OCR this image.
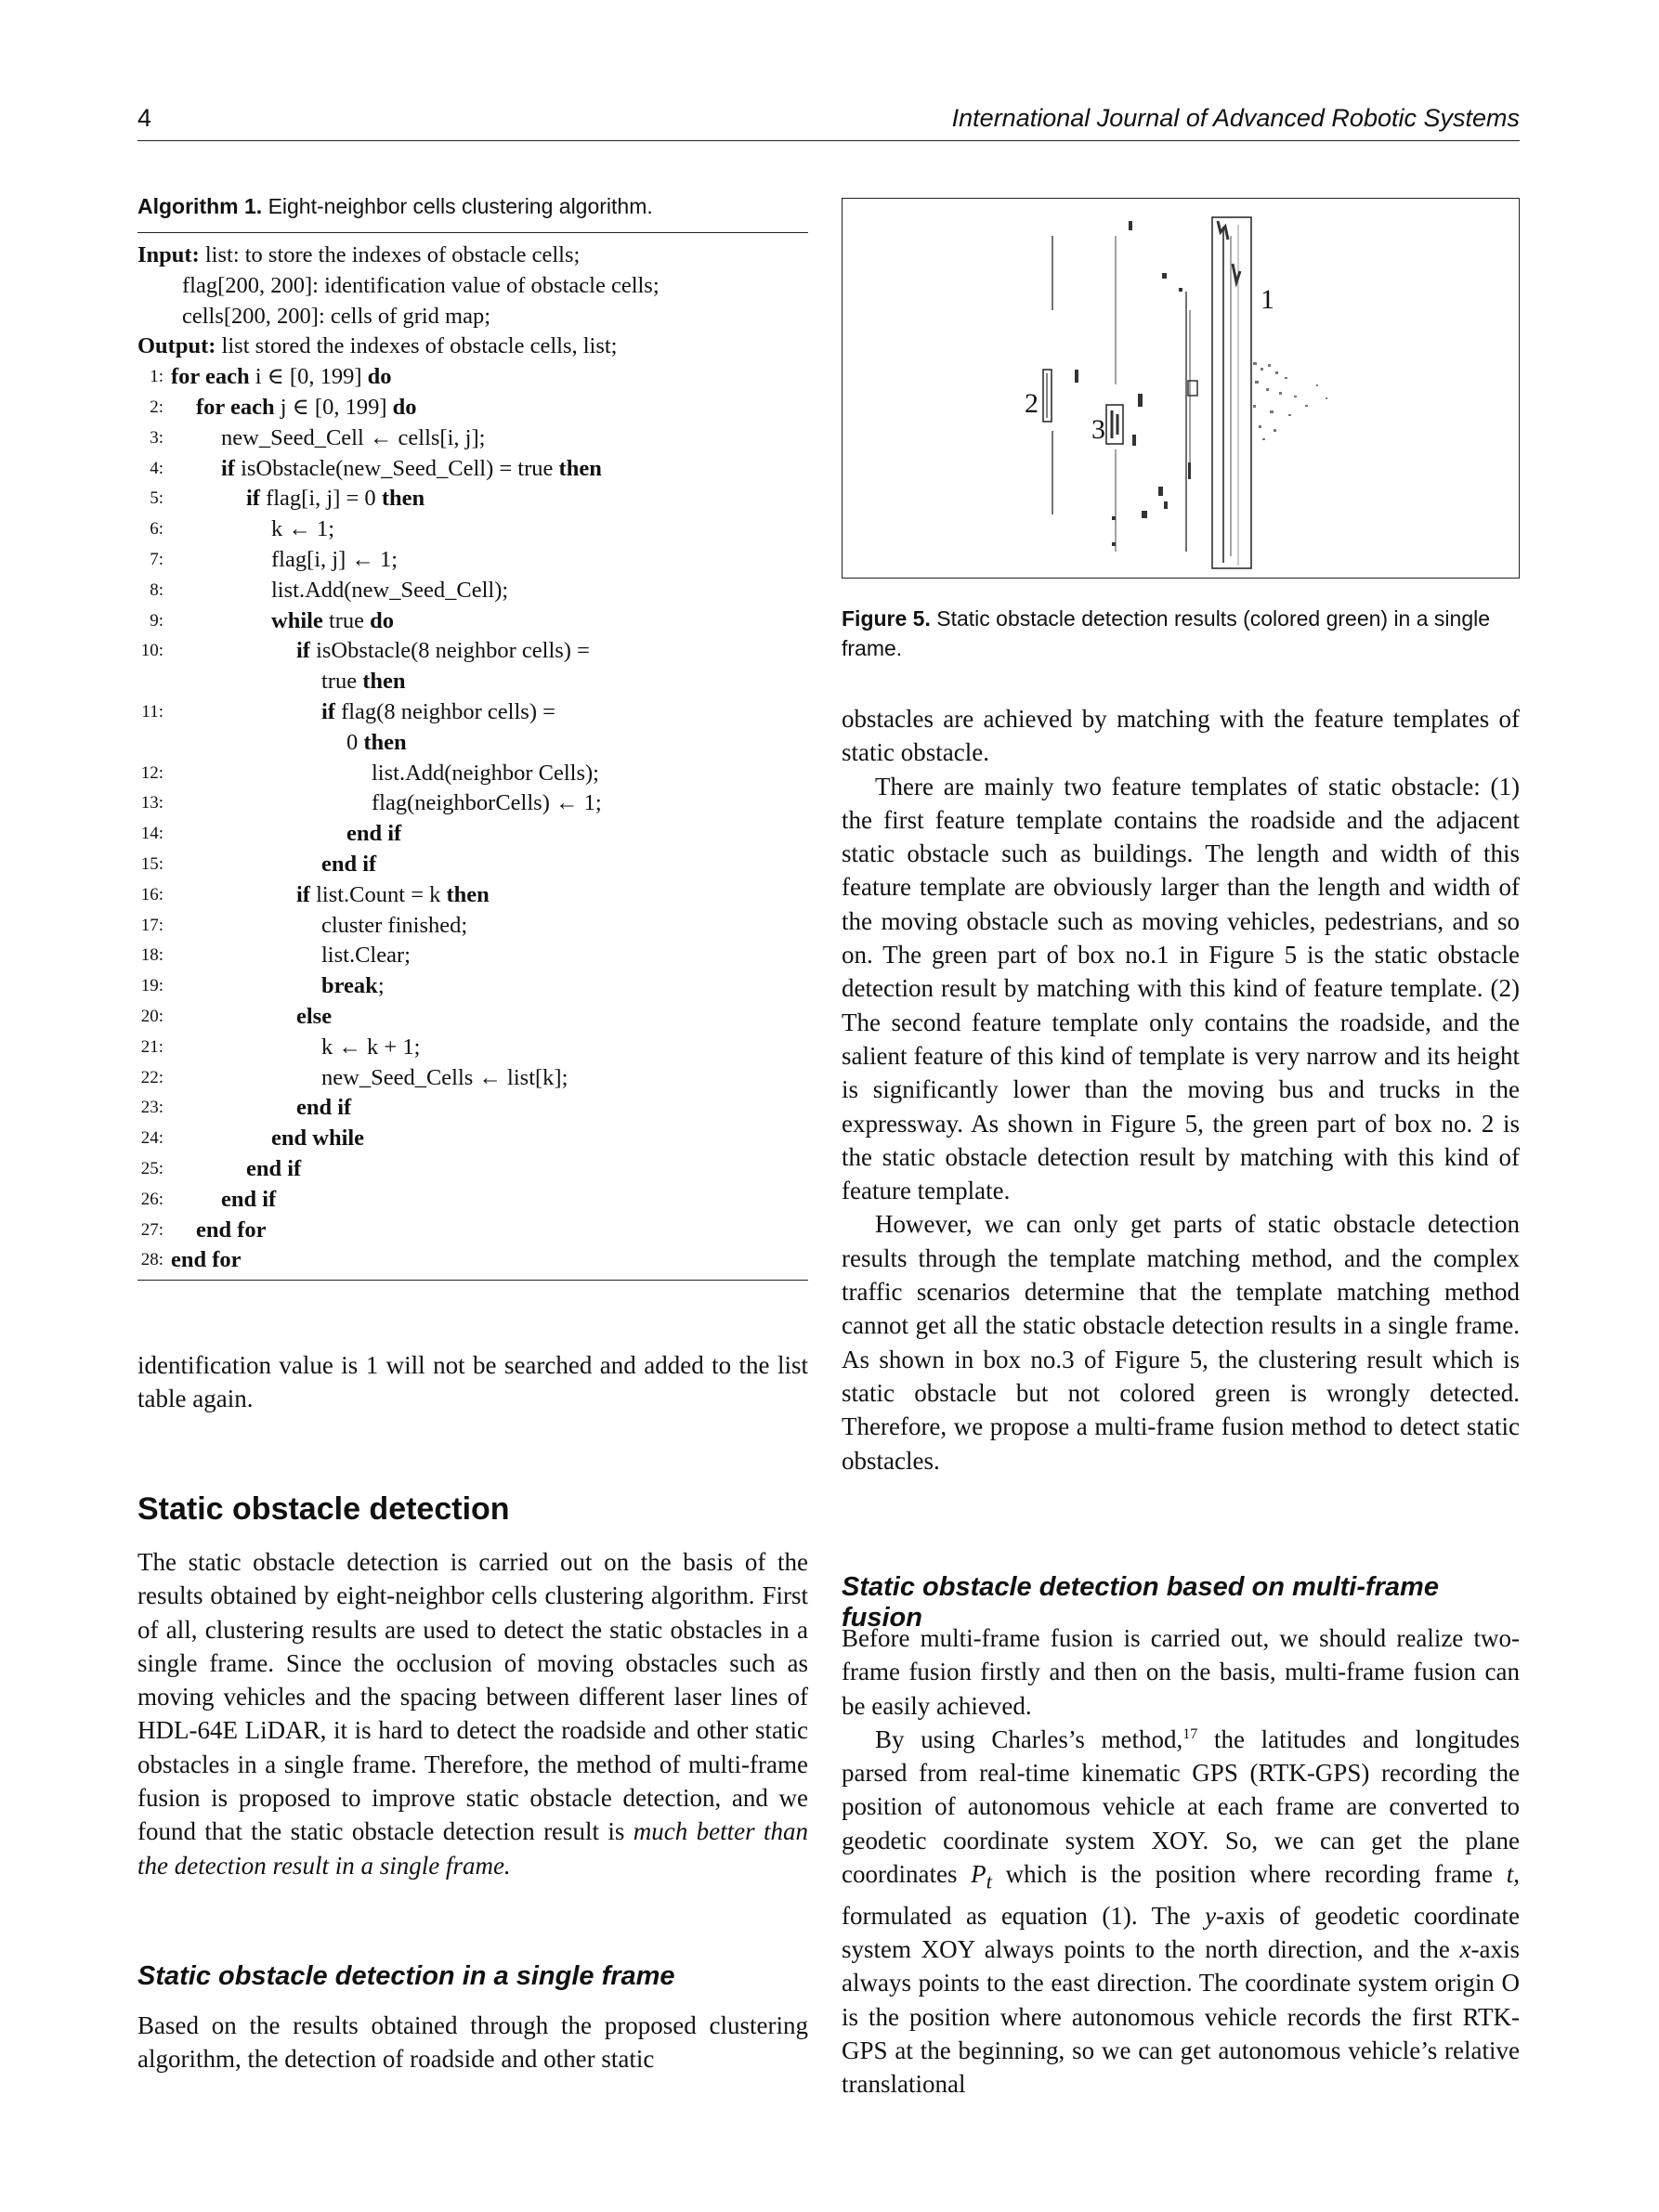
4	International Journal of Advanced Robotic Systems
Algorithm 1. Eight-neighbor cells clustering algorithm.
Input: list: to store the indexes of obstacle cells;
flag[200, 200]: identification value of obstacle cells;
cells[200, 200]: cells of grid map;
Output: list stored the indexes of obstacle cells, list;
1: for each i ∈ [0, 199] do
2:	for each j ∈ [0, 199] do
3:	new_Seed_Cell ← cells[i, j];
4:	if isObstacle(new_Seed_Cell) = true then
5:	if flag[i, j] = 0 then
6:	k ← 1;
7:	flag[i, j] ← 1;
8:	list.Add(new_Seed_Cell);
9:	while true do
10:	if isObstacle(8 neighbor cells) =
true then
11:	if flag(8 neighbor cells) =
0 then
12:	list.Add(neighbor Cells);
13:	flag(neighborCells) ← 1;
14:	end if
15:	end if
16:	if list.Count = k then
17:	cluster finished;
18:	list.Clear;
19:	break;
20:	else
21:	k ← k + 1;
22:	new_Seed_Cells ← list[k];
23:	end if
24:	end while
25:	end if
26:	end if
27:	end for
28: end for

identification value is 1 will not be searched and added to the list table again.

Static obstacle detection

The static obstacle detection is carried out on the basis of the results obtained by eight-neighbor cells clustering algorithm. First of all, clustering results are used to detect the static obstacles in a single frame. Since the occlusion of moving obstacles such as moving vehicles and the spacing between different laser lines of HDL-64E LiDAR, it is hard to detect the roadside and other static obstacles in a single frame. Therefore, the method of multi-frame fusion is proposed to improve static obstacle detection, and we found that the static obstacle detection result is much better than the detection result in a single frame.

Static obstacle detection in a single frame

Based on the results obtained through the proposed clustering algorithm, the detection of roadside and other static

1
2
3
Figure 5. Static obstacle detection results (colored green) in a single frame.

obstacles are achieved by matching with the feature templates of static obstacle.

There are mainly two feature templates of static obstacle: (1) the first feature template contains the roadside and the adjacent static obstacle such as buildings. The length and width of this feature template are obviously larger than the length and width of the moving obstacle such as moving vehicles, pedestrians, and so on. The green part of box no.1 in Figure 5 is the static obstacle detection result by matching with this kind of feature template. (2) The second feature template only contains the roadside, and the salient feature of this kind of template is very narrow and its height is significantly lower than the moving bus and trucks in the expressway. As shown in Figure 5, the green part of box no. 2 is the static obstacle detection result by matching with this kind of feature template.

However, we can only get parts of static obstacle detection results through the template matching method, and the complex traffic scenarios determine that the template matching method cannot get all the static obstacle detection results in a single frame. As shown in box no.3 of Figure 5, the clustering result which is static obstacle but not colored green is wrongly detected. Therefore, we propose a multi-frame fusion method to detect static obstacles.

Static obstacle detection based on multi-frame fusion

Before multi-frame fusion is carried out, we should realize two-frame fusion firstly and then on the basis, multi-frame fusion can be easily achieved.

By using Charles’s method,$^{17}$ the latitudes and longitudes parsed from real-time kinematic GPS (RTK-GPS) recording the position of autonomous vehicle at each frame are converted to geodetic coordinate system XOY. So, we can get the plane coordinates $P_t$ which is the position where recording frame t, formulated as equation (1). The y-axis of geodetic coordinate system XOY always points to the north direction, and the x-axis always points to the east direction. The coordinate system origin O is the position where autonomous vehicle records the first RTK-GPS at the beginning, so we can get autonomous vehicle’s relative translational
